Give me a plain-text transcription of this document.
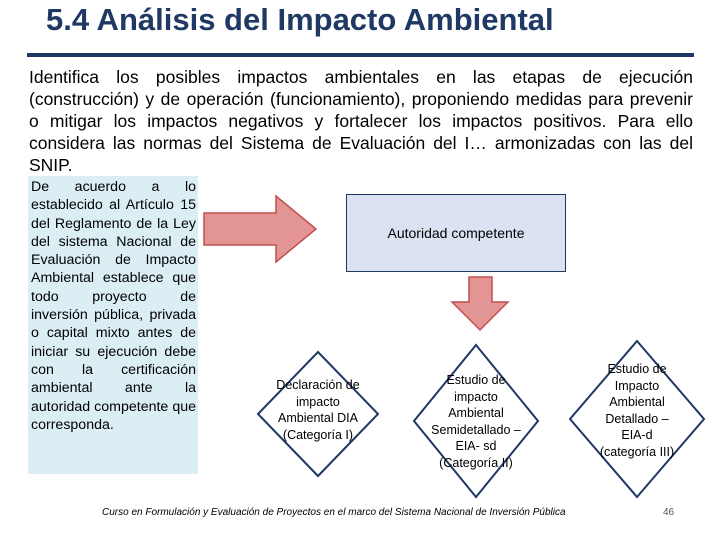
5.4 Análisis del Impacto Ambiental
Identifica los posibles impactos ambientales en las etapas de ejecución (construcción) y de operación (funcionamiento), proponiendo medidas para prevenir o mitigar los impactos negativos y fortalecer los impactos positivos. Para ello considera las normas del Sistema de Evaluación del I… armonizadas con las del SNIP.
Autoridad competente
De acuerdo a lo establecido al Artículo 15 del Reglamento de la Ley del sistema Nacional de Evaluación de Impacto Ambiental establece que todo proyecto de inversión pública, privada o capital mixto antes de iniciar su ejecución debe con la certificación ambiental ante la autoridad competente que corresponda.
Declaración de impacto Ambiental DIA (Categoría I)
Estudio de impacto Ambiental Semidetallado – EIA- sd (Categoría II)
Estudio de Impacto Ambiental Detallado – EIA-d (categoría III)
Curso en Formulación y Evaluación de Proyectos en el marco del Sistema Nacional de Inversión Pública	46
